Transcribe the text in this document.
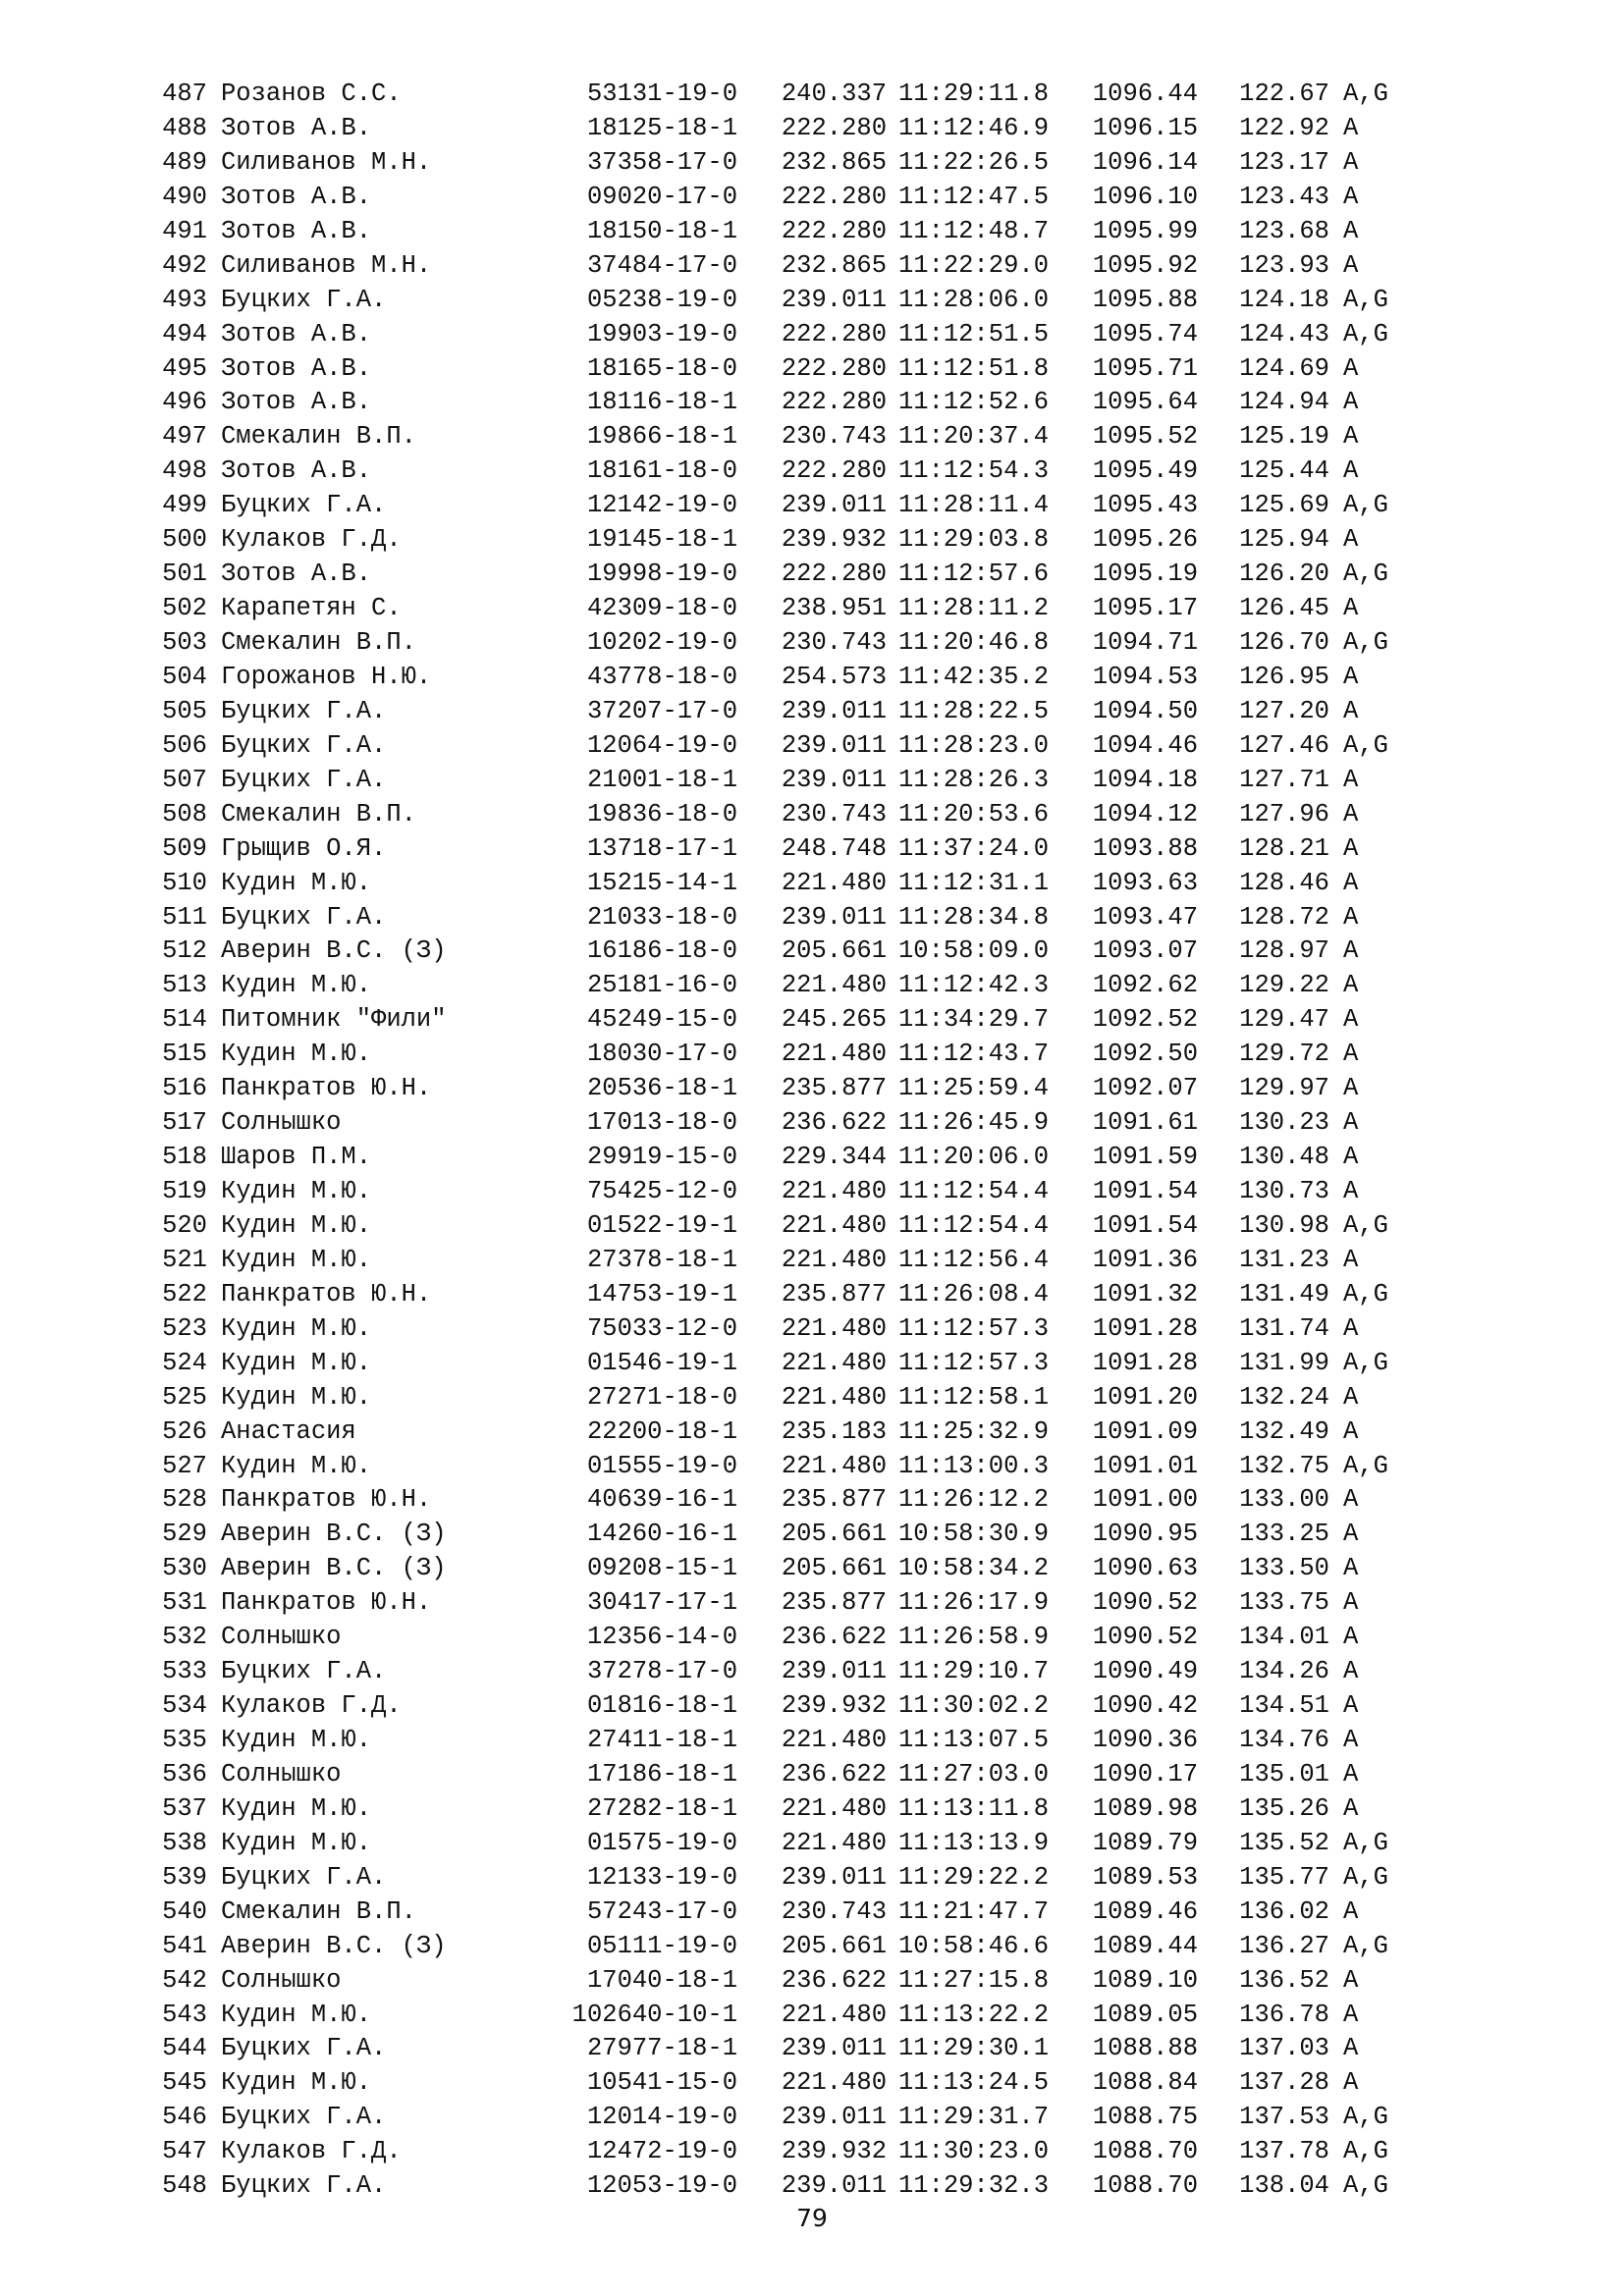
487 Розанов С.С.	53131-19-0	240.337 11:29:11.8	1096.44	122.67 A,G
488 Зотов А.В.	18125-18-1	222.280 11:12:46.9	1096.15	122.92 A
489 Силиванов М.Н.	37358-17-0	232.865 11:22:26.5	1096.14	123.17 A
490 Зотов А.В.	09020-17-0	222.280 11:12:47.5	1096.10	123.43 A
491 Зотов А.В.	18150-18-1	222.280 11:12:48.7	1095.99	123.68 A
492 Силиванов М.Н.	37484-17-0	232.865 11:22:29.0	1095.92	123.93 A
493 Буцких Г.А.	05238-19-0	239.011 11:28:06.0	1095.88	124.18 A,G
494 Зотов А.В.	19903-19-0	222.280 11:12:51.5	1095.74	124.43 A,G
495 Зотов А.В.	18165-18-0	222.280 11:12:51.8	1095.71	124.69 A
496 Зотов А.В.	18116-18-1	222.280 11:12:52.6	1095.64	124.94 A
497 Смекалин В.П.	19866-18-1	230.743 11:20:37.4	1095.52	125.19 A
498 Зотов А.В.	18161-18-0	222.280 11:12:54.3	1095.49	125.44 A
499 Буцких Г.А.	12142-19-0	239.011 11:28:11.4	1095.43	125.69 A,G
500 Кулаков Г.Д.	19145-18-1	239.932 11:29:03.8	1095.26	125.94 A
501 Зотов А.В.	19998-19-0	222.280 11:12:57.6	1095.19	126.20 A,G
502 Карапетян С.	42309-18-0	238.951 11:28:11.2	1095.17	126.45 A
503 Смекалин В.П.	10202-19-0	230.743 11:20:46.8	1094.71	126.70 A,G
504 Горожанов Н.Ю.	43778-18-0	254.573 11:42:35.2	1094.53	126.95 A
505 Буцких Г.А.	37207-17-0	239.011 11:28:22.5	1094.50	127.20 A
506 Буцких Г.А.	12064-19-0	239.011 11:28:23.0	1094.46	127.46 A,G
507 Буцких Г.А.	21001-18-1	239.011 11:28:26.3	1094.18	127.71 A
508 Смекалин В.П.	19836-18-0	230.743 11:20:53.6	1094.12	127.96 A
509 Грыщив О.Я.	13718-17-1	248.748 11:37:24.0	1093.88	128.21 A
510 Кудин М.Ю.	15215-14-1	221.480 11:12:31.1	1093.63	128.46 A
511 Буцких Г.А.	21033-18-0	239.011 11:28:34.8	1093.47	128.72 A
512 Аверин В.С. (З)	16186-18-0	205.661 10:58:09.0	1093.07	128.97 A
513 Кудин М.Ю.	25181-16-0	221.480 11:12:42.3	1092.62	129.22 A
514 Питомник "Фили"	45249-15-0	245.265 11:34:29.7	1092.52	129.47 A
515 Кудин М.Ю.	18030-17-0	221.480 11:12:43.7	1092.50	129.72 A
516 Панкратов Ю.Н.	20536-18-1	235.877 11:25:59.4	1092.07	129.97 A
517 Солнышко	17013-18-0	236.622 11:26:45.9	1091.61	130.23 A
518 Шаров П.М.	29919-15-0	229.344 11:20:06.0	1091.59	130.48 A
519 Кудин М.Ю.	75425-12-0	221.480 11:12:54.4	1091.54	130.73 A
520 Кудин М.Ю.	01522-19-1	221.480 11:12:54.4	1091.54	130.98 A,G
521 Кудин М.Ю.	27378-18-1	221.480 11:12:56.4	1091.36	131.23 A
522 Панкратов Ю.Н.	14753-19-1	235.877 11:26:08.4	1091.32	131.49 A,G
523 Кудин М.Ю.	75033-12-0	221.480 11:12:57.3	1091.28	131.74 A
524 Кудин М.Ю.	01546-19-1	221.480 11:12:57.3	1091.28	131.99 A,G
525 Кудин М.Ю.	27271-18-0	221.480 11:12:58.1	1091.20	132.24 A
526 Анастасия	22200-18-1	235.183 11:25:32.9	1091.09	132.49 A
527 Кудин М.Ю.	01555-19-0	221.480 11:13:00.3	1091.01	132.75 A,G
528 Панкратов Ю.Н.	40639-16-1	235.877 11:26:12.2	1091.00	133.00 A
529 Аверин В.С. (З)	14260-16-1	205.661 10:58:30.9	1090.95	133.25 A
530 Аверин В.С. (З)	09208-15-1	205.661 10:58:34.2	1090.63	133.50 A
531 Панкратов Ю.Н.	30417-17-1	235.877 11:26:17.9	1090.52	133.75 A
532 Солнышко	12356-14-0	236.622 11:26:58.9	1090.52	134.01 A
533 Буцких Г.А.	37278-17-0	239.011 11:29:10.7	1090.49	134.26 A
534 Кулаков Г.Д.	01816-18-1	239.932 11:30:02.2	1090.42	134.51 A
535 Кудин М.Ю.	27411-18-1	221.480 11:13:07.5	1090.36	134.76 A
536 Солнышко	17186-18-1	236.622 11:27:03.0	1090.17	135.01 A
537 Кудин М.Ю.	27282-18-1	221.480 11:13:11.8	1089.98	135.26 A
538 Кудин М.Ю.	01575-19-0	221.480 11:13:13.9	1089.79	135.52 A,G
539 Буцких Г.А.	12133-19-0	239.011 11:29:22.2	1089.53	135.77 A,G
540 Смекалин В.П.	57243-17-0	230.743 11:21:47.7	1089.46	136.02 A
541 Аверин В.С. (З)	05111-19-0	205.661 10:58:46.6	1089.44	136.27 A,G
542 Солнышко	17040-18-1	236.622 11:27:15.8	1089.10	136.52 A
543 Кудин М.Ю.	102640-10-1	221.480 11:13:22.2	1089.05	136.78 A
544 Буцких Г.А.	27977-18-1	239.011 11:29:30.1	1088.88	137.03 A
545 Кудин М.Ю.	10541-15-0	221.480 11:13:24.5	1088.84	137.28 A
546 Буцких Г.А.	12014-19-0	239.011 11:29:31.7	1088.75	137.53 A,G
547 Кулаков Г.Д.	12472-19-0	239.932 11:30:23.0	1088.70	137.78 A,G
548 Буцких Г.А.	12053-19-0	239.011 11:29:32.3	1088.70	138.04 A,G
79
